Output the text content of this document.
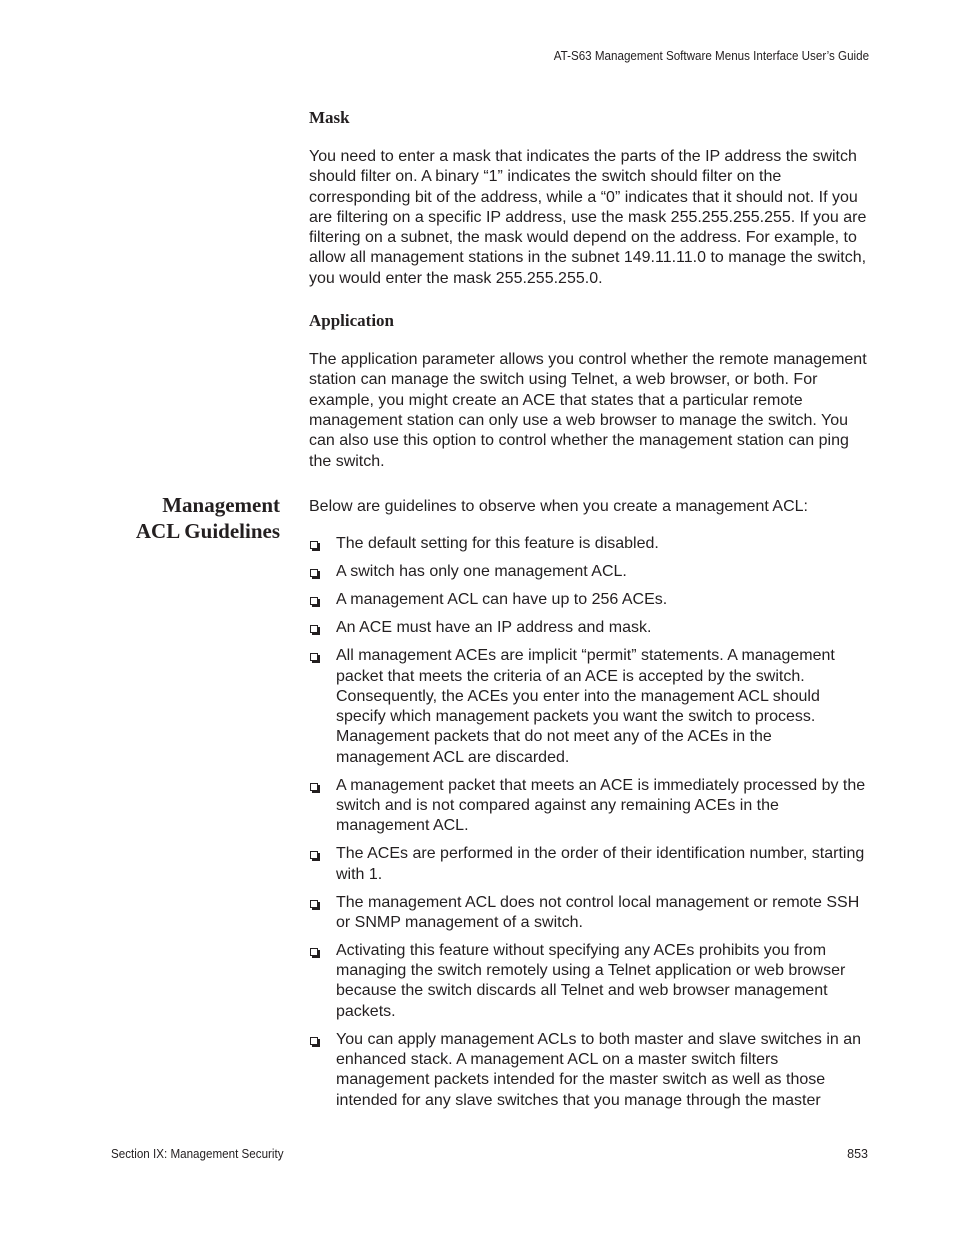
AT-S63 Management Software Menus Interface User’s Guide
Mask

You need to enter a mask that indicates the parts of the IP address the switch should filter on. A binary “1” indicates the switch should filter on the corresponding bit of the address, while a “0” indicates that it should not. If you are filtering on a specific IP address, use the mask 255.255.255.255. If you are filtering on a subnet, the mask would depend on the address. For example, to allow all management stations in the subnet 149.11.11.0 to manage the switch, you would enter the mask 255.255.255.0.

Application

The application parameter allows you control whether the remote management station can manage the switch using Telnet, a web browser, or both. For example, you might create an ACE that states that a particular remote management station can only use a web browser to manage the switch. You can also use this option to control whether the management station can ping the switch.

Management
ACL Guidelines

Below are guidelines to observe when you create a management ACL:

The default setting for this feature is disabled.
A switch has only one management ACL.
A management ACL can have up to 256 ACEs.
An ACE must have an IP address and mask.
All management ACEs are implicit “permit” statements. A management packet that meets the criteria of an ACE is accepted by the switch. Consequently, the ACEs you enter into the management ACL should specify which management packets you want the switch to process. Management packets that do not meet any of the ACEs in the management ACL are discarded.
A management packet that meets an ACE is immediately processed by the switch and is not compared against any remaining ACEs in the management ACL.
The ACEs are performed in the order of their identification number, starting with 1.
The management ACL does not control local management or remote SSH or SNMP management of a switch.
Activating this feature without specifying any ACEs prohibits you from managing the switch remotely using a Telnet application or web browser because the switch discards all Telnet and web browser management packets.
You can apply management ACLs to both master and slave switches in an enhanced stack. A management ACL on a master switch filters management packets intended for the master switch as well as those intended for any slave switches that you manage through the master
Section IX: Management Security	853
